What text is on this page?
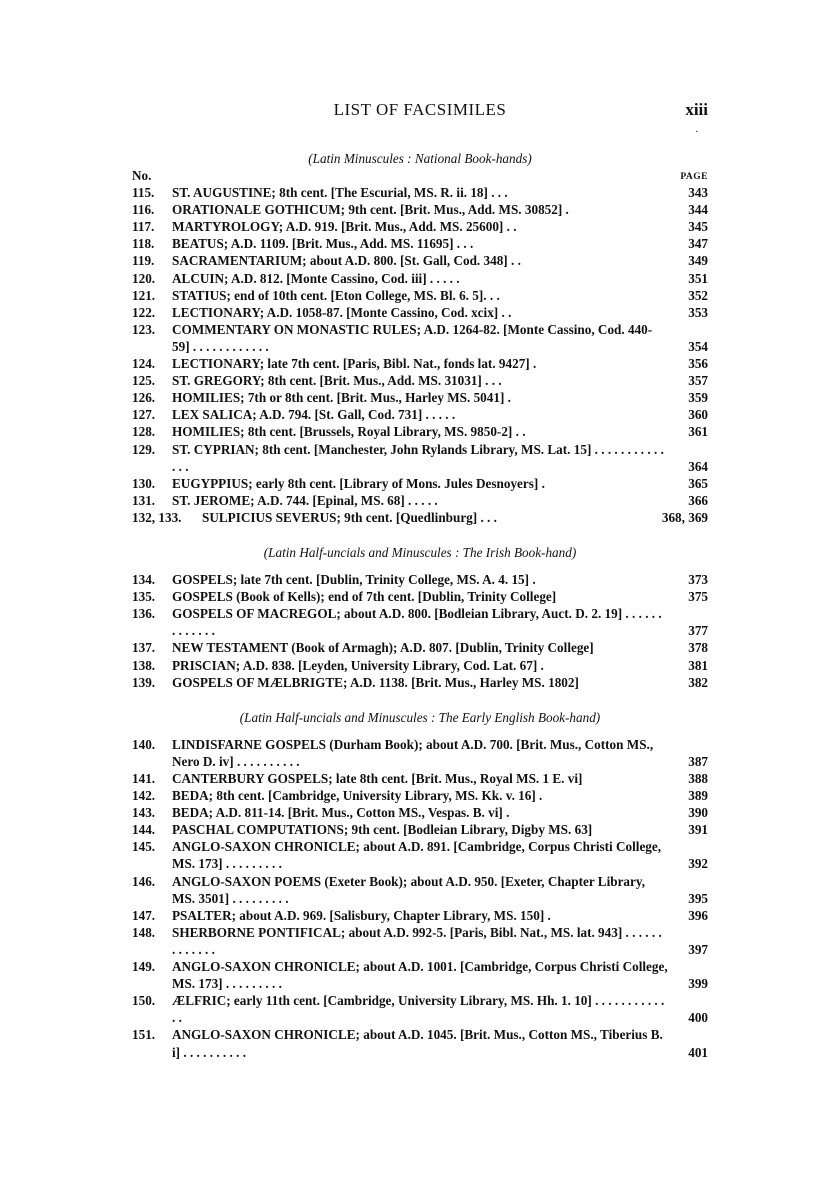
LIST OF FACSIMILES	xiii
.

(Latin Minuscules : National Book-hands)

No.	PAGE
115. ST. AUGUSTINE; 8th cent. [The Escurial, MS. R. ii. 18] . . .	343
116. ORATIONALE GOTHICUM; 9th cent. [Brit. Mus., Add. MS. 30852] .	344
117. MARTYROLOGY; A.D. 919. [Brit. Mus., Add. MS. 25600] . .	345
118. BEATUS; A.D. 1109. [Brit. Mus., Add. MS. 11695] . . .	347
119. SACRAMENTARIUM; about A.D. 800. [St. Gall, Cod. 348] . .	349
120. ALCUIN; A.D. 812. [Monte Cassino, Cod. iii] . . . . .	351
121. STATIUS; end of 10th cent. [Eton College, MS. Bl. 6. 5]. . .	352
122. LECTIONARY; A.D. 1058-87. [Monte Cassino, Cod. xcix] . .	353
123. COMMENTARY ON MONASTIC RULES; A.D. 1264-82. [Monte Cassino, Cod. 440-59] . . . . . . . . . . . .	354
124. LECTIONARY; late 7th cent. [Paris, Bibl. Nat., fonds lat. 9427] .	356
125. ST. GREGORY; 8th cent. [Brit. Mus., Add. MS. 31031] . . .	357
126. HOMILIES; 7th or 8th cent. [Brit. Mus., Harley MS. 5041] .	359
127. LEX SALICA; A.D. 794. [St. Gall, Cod. 731] . . . . .	360
128. HOMILIES; 8th cent. [Brussels, Royal Library, MS. 9850-2] . .	361
129. ST. CYPRIAN; 8th cent. [Manchester, John Rylands Library, MS. Lat. 15] . . . . . . . . . . . . . .	364
130. EUGYPPIUS; early 8th cent. [Library of Mons. Jules Desnoyers] .	365
131. ST. JEROME; A.D. 744. [Epinal, MS. 68] . . . . .	366
132, 133. SULPICIUS SEVERUS; 9th cent. [Quedlinburg] . . .	368, 369

(Latin Half-uncials and Minuscules : The Irish Book-hand)

134. GOSPELS; late 7th cent. [Dublin, Trinity College, MS. A. 4. 15] .	373
135. GOSPELS (Book of Kells); end of 7th cent. [Dublin, Trinity College]	375
136. GOSPELS OF MACREGOL; about A.D. 800. [Bodleian Library, Auct. D. 2. 19] . . . . . . . . . . . . .	377
137. NEW TESTAMENT (Book of Armagh); A.D. 807. [Dublin, Trinity College]	378
138. PRISCIAN; A.D. 838. [Leyden, University Library, Cod. Lat. 67] .	381
139. GOSPELS OF MÆLBRIGTE; A.D. 1138. [Brit. Mus., Harley MS. 1802]	382

(Latin Half-uncials and Minuscules : The Early English Book-hand)

140. LINDISFARNE GOSPELS (Durham Book); about A.D. 700. [Brit. Mus., Cotton MS., Nero D. iv] . . . . . . . . . .	387
141. CANTERBURY GOSPELS; late 8th cent. [Brit. Mus., Royal MS. 1 E. vi]	388
142. BEDA; 8th cent. [Cambridge, University Library, MS. Kk. v. 16] .	389
143. BEDA; A.D. 811-14. [Brit. Mus., Cotton MS., Vespas. B. vi] .	390
144. PASCHAL COMPUTATIONS; 9th cent. [Bodleian Library, Digby MS. 63]	391
145. ANGLO-SAXON CHRONICLE; about A.D. 891. [Cambridge, Corpus Christi College, MS. 173] . . . . . . . . .	392
146. ANGLO-SAXON POEMS (Exeter Book); about A.D. 950. [Exeter, Chapter Library, MS. 3501] . . . . . . . . .	395
147. PSALTER; about A.D. 969. [Salisbury, Chapter Library, MS. 150] .	396
148. SHERBORNE PONTIFICAL; about A.D. 992-5. [Paris, Bibl. Nat., MS. lat. 943] . . . . . . . . . . . . .	397
149. ANGLO-SAXON CHRONICLE; about A.D. 1001. [Cambridge, Corpus Christi College, MS. 173] . . . . . . . . .	399
150. ÆLFRIC; early 11th cent. [Cambridge, University Library, MS. Hh. 1. 10] . . . . . . . . . . . . .	400
151. ANGLO-SAXON CHRONICLE; about A.D. 1045. [Brit. Mus., Cotton MS., Tiberius B. i] . . . . . . . . . .	401
